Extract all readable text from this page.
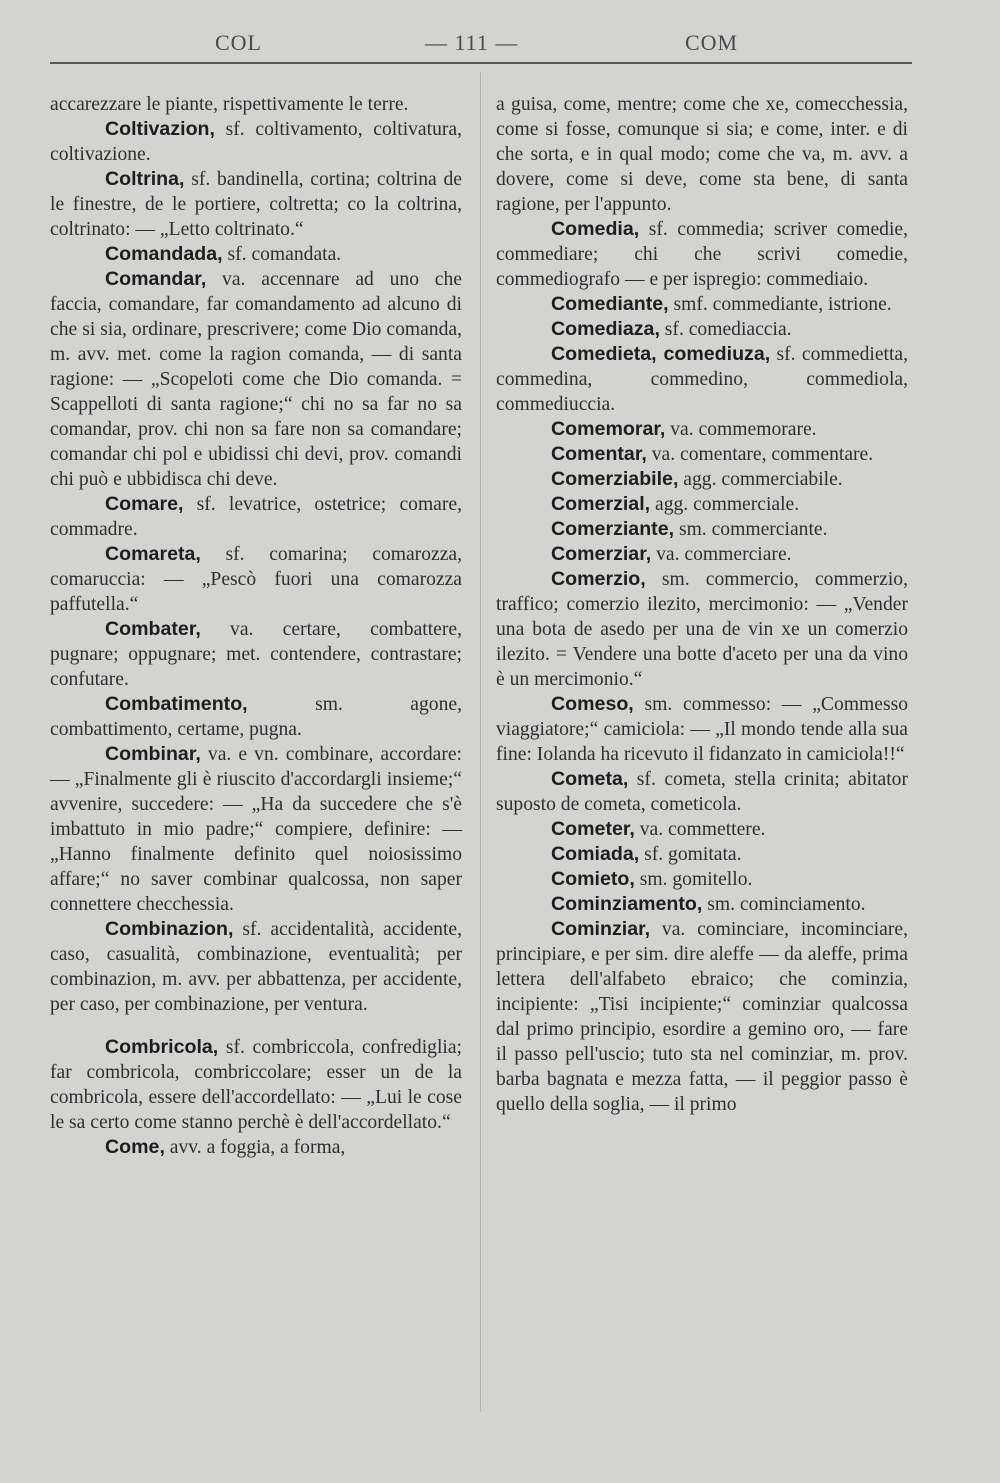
COL	— 111 —	COM

accarezzare le piante, rispettivamente le terre.

Coltivazion, sf. coltivamento, coltivatura, coltivazione.

Coltrina, sf. bandinella, cortina; coltrina de le finestre, de le portiere, coltretta; co la coltrina, coltrinato: — „Letto coltrinato.“

Comandada, sf. comandata.

Comandar, va. accennare ad uno che faccia, comandare, far comandamento ad alcuno di che si sia, ordinare, prescrivere; come Dio comanda, m. avv. met. come la ragion comanda, — di santa ragione: — „Scopeloti come che Dio comanda. = Scappelloti di santa ragione;“ chi no sa far no sa comandar, prov. chi non sa fare non sa comandare; comandar chi pol e ubidissi chi devi, prov. comandi chi può e ubbidisca chi deve.

Comare, sf. levatrice, ostetrice; comare, commadre.

Comareta, sf. comarina; comarozza, comaruccia: — „Pescò fuori una comarozza paffutella.“

Combater, va. certare, combattere, pugnare; oppugnare; met. contendere, contrastare; confutare.

Combatimento, sm. agone, combattimento, certame, pugna.

Combinar, va. e vn. combinare, accordare: — „Finalmente gli è riuscito d'accordargli insieme;“ avvenire, succedere: — „Ha da succedere che s'è imbattuto in mio padre;“ compiere, definire: — „Hanno finalmente definito quel noiosissimo affare;“ no saver combinar qualcossa, non saper connettere checchessia.

Combinazion, sf. accidentalità, accidente, caso, casualità, combinazione, eventualità; per combinazion, m. avv. per abbattenza, per accidente, per caso, per combinazione, per ventura.

Combricola, sf. combriccola, confrediglia; far combricola, combriccolare; esser un de la combricola, essere dell'accordellato: — „Lui le cose le sa certo come stanno perchè è dell'accordellato.“

Come, avv. a foggia, a forma,

a guisa, come, mentre; come che xe, comecchessia, come si fosse, comunque si sia; e come, inter. e di che sorta, e in qual modo; come che va, m. avv. a dovere, come si deve, come sta bene, di santa ragione, per l'appunto.

Comedia, sf. commedia; scriver comedie, commediare; chi che scrivi comedie, commediografo — e per ispregio: commediaio.

Comediante, smf. commediante, istrione.

Comediaza, sf. comediaccia.

Comedieta, comediuza, sf. commedietta, commedina, commedino, commediola, commediuccia.

Comemorar, va. commemorare.

Comentar, va. comentare, commentare.

Comerziabile, agg. commerciabile.

Comerzial, agg. commerciale.

Comerziante, sm. commerciante.

Comerziar, va. commerciare.

Comerzio, sm. commercio, commerzio, traffico; comerzio ilezito, mercimonio: — „Vender una bota de asedo per una de vin xe un comerzio ilezito. = Vendere una botte d'aceto per una da vino è un mercimonio.“

Comeso, sm. commesso: — „Commesso viaggiatore;“ camiciola: — „Il mondo tende alla sua fine: Iolanda ha ricevuto il fidanzato in camiciola!!“

Cometa, sf. cometa, stella crinita; abitator suposto de cometa, cometicola.

Cometer, va. commettere.

Comiada, sf. gomitata.

Comieto, sm. gomitello.

Cominziamento, sm. cominciamento.

Cominziar, va. cominciare, incominciare, principiare, e per sim. dire aleffe — da aleffe, prima lettera dell'alfabeto ebraico; che cominzia, incipiente: „Tisi incipiente;“ cominziar qualcossa dal primo principio, esordire a gemino oro, — fare il passo pell'uscio; tuto sta nel cominziar, m. prov. barba bagnata e mezza fatta, — il peggior passo è quello della soglia, — il primo
